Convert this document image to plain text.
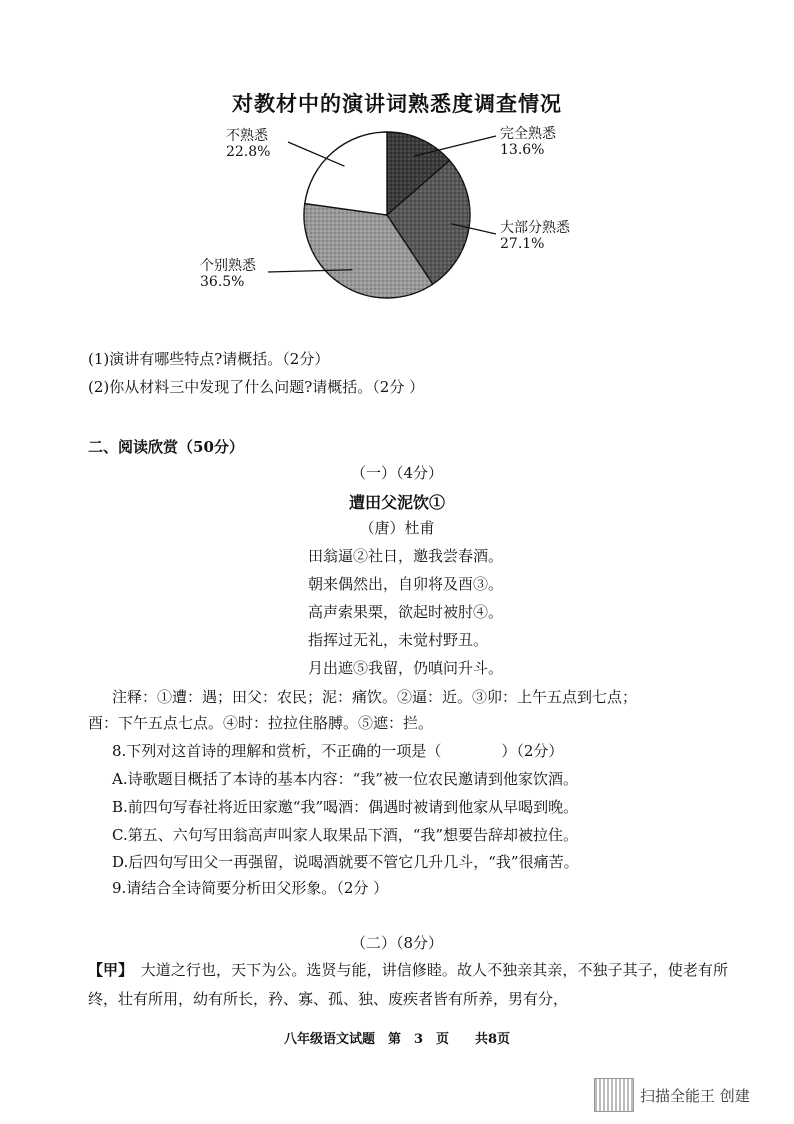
对教材中的演讲词熟悉度调查情况
完全熟悉
13.6%
大部分熟悉
27.1%
个别熟悉
36.5%
不熟悉
22.8%
(1)演讲有哪些特点?请概括。（2分）
(2)你从材料三中发现了什么问题?请概括。（2分 ）
二、阅读欣赏（50分）
（一）（4分）
遭田父泥饮①
（唐）杜甫
田翁逼②社日，邀我尝春酒。
朝来偶然出，自卯将及酉③。
高声索果栗，欲起时被肘④。
指挥过无礼，未觉村野丑。
月出遮⑤我留，仍嗔问升斗。
注释：①遭：遇；田父：农民；泥：痛饮。②逼：近。③卯：上午五点到七点；
酉：下午五点七点。④时：拉拉住胳膊。⑤遮：拦。
8.下列对这首诗的理解和赏析，不正确的一项是（　　　　）（2分）
A.诗歌题目概括了本诗的基本内容：“我”被一位农民邀请到他家饮酒。
B.前四句写春社将近田家邀“我”喝酒：偶遇时被请到他家从早喝到晚。
C.第五、六句写田翁高声叫家人取果品下酒，“我”想要告辞却被拉住。
D.后四句写田父一再强留，说喝酒就要不管它几升几斗，“我”很痛苦。
9.请结合全诗简要分析田父形象。（2分 ）
（二）（8分）
【甲】　大道之行也，天下为公。选贤与能，讲信修睦。故人不独亲其亲，不独子其子，使老有所终，壮有所用，幼有所长，矜、寡、孤、独、废疾者皆有所养，男有分，
八年级语文试题　第　3　页　　共8页
扫描全能王 创建
